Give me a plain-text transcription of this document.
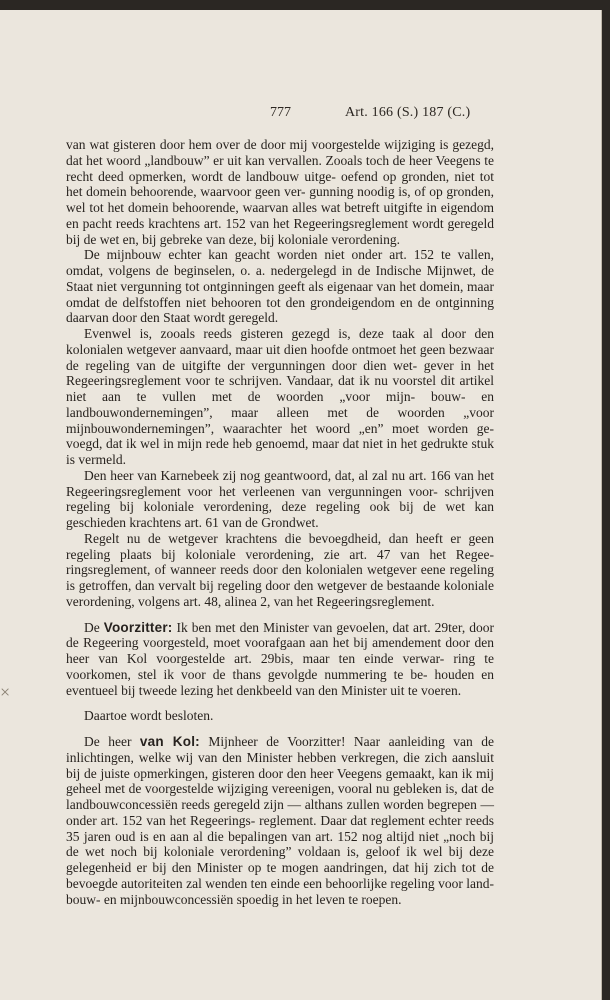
777	Art. 166 (S.) 187 (C.)
×

van wat gisteren door hem over de door mij voorgestelde wijziging is gezegd, dat het woord „landbouw” er uit kan vervallen. Zooals toch de heer Veegens te recht deed opmerken, wordt de landbouw uitge- oefend op gronden, niet tot het domein behoorende, waarvoor geen ver- gunning noodig is, of op gronden, wel tot het domein behoorende, waarvan alles wat betreft uitgifte in eigendom en pacht reeds krachtens art. 152 van het Regeeringsreglement wordt geregeld bij de wet en, bij gebreke van deze, bij koloniale verordening.

De mijnbouw echter kan geacht worden niet onder art. 152 te vallen, omdat, volgens de beginselen, o. a. nedergelegd in de Indische Mijnwet, de Staat niet vergunning tot ontginningen geeft als eigenaar van het domein, maar omdat de delfstoffen niet behooren tot den grondeigendom en de ontginning daarvan door den Staat wordt geregeld.

Evenwel is, zooals reeds gisteren gezegd is, deze taak al door den kolonialen wetgever aanvaard, maar uit dien hoofde ontmoet het geen bezwaar de regeling van de uitgifte der vergunningen door dien wet- gever in het Regeeringsreglement voor te schrijven. Vandaar, dat ik nu voorstel dit artikel niet aan te vullen met de woorden „voor mijn- bouw- en landbouwondernemingen”, maar alleen met de woorden „voor mijnbouwondernemingen”, waarachter het woord „en” moet worden ge- voegd, dat ik wel in mijn rede heb genoemd, maar dat niet in het gedrukte stuk is vermeld.

Den heer van Karnebeek zij nog geantwoord, dat, al zal nu art. 166 van het Regeeringsreglement voor het verleenen van vergunningen voor- schrijven regeling bij koloniale verordening, deze regeling ook bij de wet kan geschieden krachtens art. 61 van de Grondwet.

Regelt nu de wetgever krachtens die bevoegdheid, dan heeft er geen regeling plaats bij koloniale verordening, zie art. 47 van het Regee- ringsreglement, of wanneer reeds door den kolonialen wetgever eene regeling is getroffen, dan vervalt bij regeling door den wetgever de bestaande koloniale verordening, volgens art. 48, alinea 2, van het Regeeringsreglement.

De Voorzitter: Ik ben met den Minister van gevoelen, dat art. 29ter, door de Regeering voorgesteld, moet voorafgaan aan het bij amendement door den heer van Kol voorgestelde art. 29bis, maar ten einde verwar- ring te voorkomen, stel ik voor de thans gevolgde nummering te be- houden en eventueel bij tweede lezing het denkbeeld van den Minister uit te voeren.

Daartoe wordt besloten.

De heer van Kol: Mijnheer de Voorzitter! Naar aanleiding van de inlichtingen, welke wij van den Minister hebben verkregen, die zich aansluit bij de juiste opmerkingen, gisteren door den heer Veegens gemaakt, kan ik mij geheel met de voorgestelde wijziging vereenigen, vooral nu gebleken is, dat de landbouwconcessiën reeds geregeld zijn — althans zullen worden begrepen — onder art. 152 van het Regeerings- reglement. Daar dat reglement echter reeds 35 jaren oud is en aan al die bepalingen van art. 152 nog altijd niet „noch bij de wet noch bij koloniale verordening” voldaan is, geloof ik wel bij deze gelegenheid er bij den Minister op te mogen aandringen, dat hij zich tot de bevoegde autoriteiten zal wenden ten einde een behoorlijke regeling voor land- bouw- en mijnbouwconcessiën spoedig in het leven te roepen.
